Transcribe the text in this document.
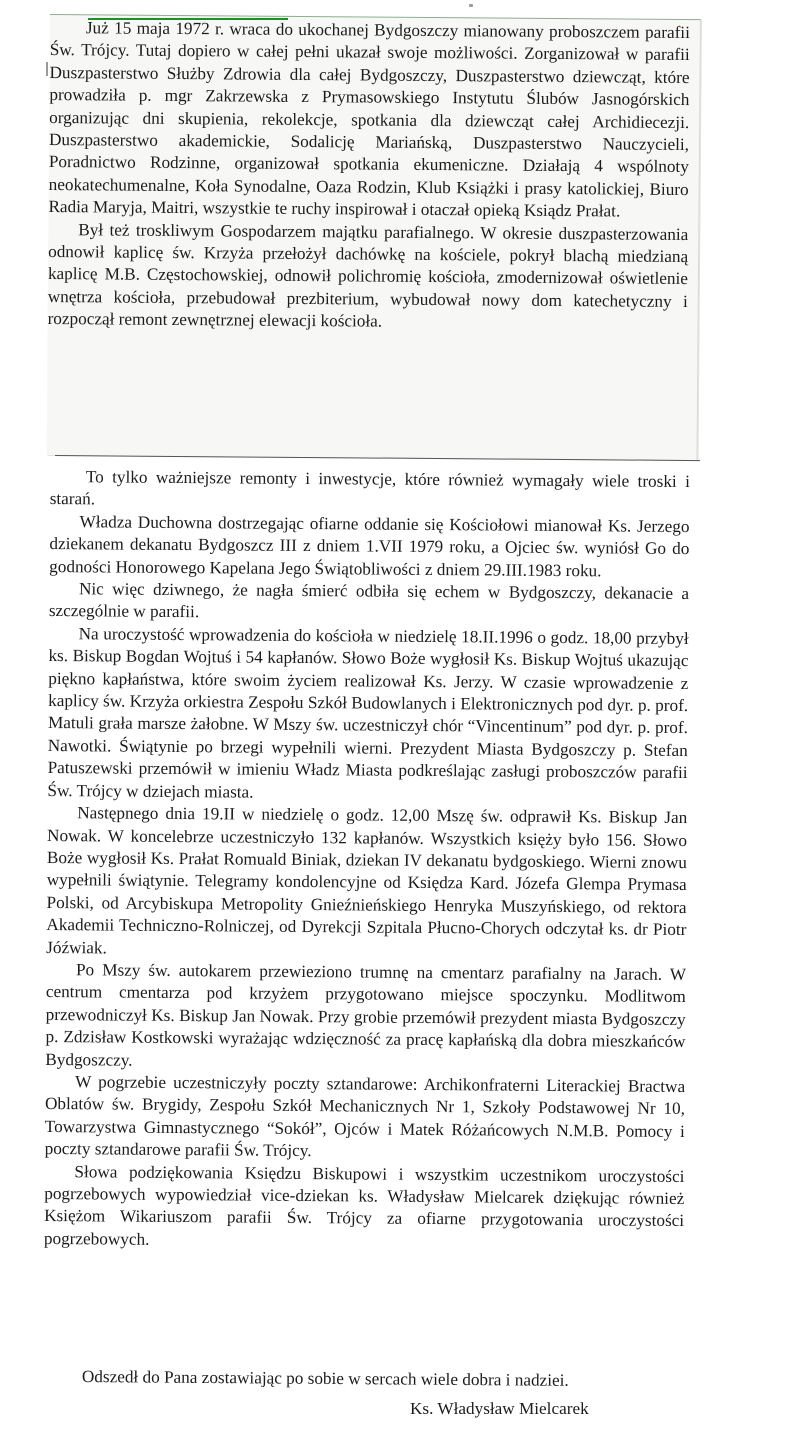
Już 15 maja 1972 r. wraca do ukochanej Bydgoszczy mianowany proboszczem parafii Św. Trójcy. Tutaj dopiero w całej pełni ukazał swoje możliwości. Zorganizował w parafii Duszpasterstwo Służby Zdrowia dla całej Bydgoszczy, Duszpasterstwo dziewcząt, które prowadziła p. mgr Zakrzewska z Prymasowskiego Instytutu Ślubów Jasnogórskich organizując dni skupienia, rekolekcje, spotkania dla dziewcząt całej Archidiecezji. Duszpasterstwo akademickie, Sodalicję Mariańską, Duszpasterstwo Nauczycieli, Poradnictwo Rodzinne, organizował spotkania ekumeniczne. Działają 4 wspólnoty neokatechumenalne, Koła Synodalne, Oaza Rodzin, Klub Książki i prasy katolickiej, Biuro Radia Maryja, Maitri, wszystkie te ruchy inspirował i otaczał opieką Ksiądz Prałat.

Był też troskliwym Gospodarzem majątku parafialnego. W okresie duszpasterzowania odnowił kaplicę św. Krzyża przełożył dachówkę na kościele, pokrył blachą miedzianą kaplicę M.B. Częstochowskiej, odnowił polichromię kościoła, zmodernizował oświetlenie wnętrza kościoła, przebudował prezbiterium, wybudował nowy dom katechetyczny i rozpoczął remont zewnętrznej elewacji kościoła.

To tylko ważniejsze remonty i inwestycje, które również wymagały wiele troski i starań.

Władza Duchowna dostrzegając ofiarne oddanie się Kościołowi mianował Ks. Jerzego dziekanem dekanatu Bydgoszcz III z dniem 1.VII 1979 roku, a Ojciec św. wyniósł Go do godności Honorowego Kapelana Jego Świątobliwości z dniem 29.III.1983 roku.

Nic więc dziwnego, że nagła śmierć odbiła się echem w Bydgoszczy, dekanacie a szczególnie w parafii.

Na uroczystość wprowadzenia do kościoła w niedzielę 18.II.1996 o godz. 18,00 przybył ks. Biskup Bogdan Wojtuś i 54 kapłanów. Słowo Boże wygłosił Ks. Biskup Wojtuś ukazując piękno kapłaństwa, które swoim życiem realizował Ks. Jerzy. W czasie wprowadzenie z kaplicy św. Krzyża orkiestra Zespołu Szkół Budowlanych i Elektronicznych pod dyr. p. prof. Matuli grała marsze żałobne. W Mszy św. uczestniczył chór “Vincentinum” pod dyr. p. prof. Nawotki. Świątynie po brzegi wypełnili wierni. Prezydent Miasta Bydgoszczy p. Stefan Patuszewski przemówił w imieniu Władz Miasta podkreślając zasługi proboszczów parafii Św. Trójcy w dziejach miasta.

Następnego dnia 19.II w niedzielę o godz. 12,00 Mszę św. odprawił Ks. Biskup Jan Nowak. W koncelebrze uczestniczyło 132 kapłanów. Wszystkich księży było 156. Słowo Boże wygłosił Ks. Prałat Romuald Biniak, dziekan IV dekanatu bydgoskiego. Wierni znowu wypełnili świątynie. Telegramy kondolencyjne od Księdza Kard. Józefa Glempa Prymasa Polski, od Arcybiskupa Metropolity Gnieźnieńskiego Henryka Muszyńskiego, od rektora Akademii Techniczno-Rolniczej, od Dyrekcji Szpitala Płucno-Chorych odczytał ks. dr Piotr Jóźwiak.

Po Mszy św. autokarem przewieziono trumnę na cmentarz parafialny na Jarach. W centrum cmentarza pod krzyżem przygotowano miejsce spoczynku. Modlitwom przewodniczył Ks. Biskup Jan Nowak. Przy grobie przemówił prezydent miasta Bydgoszczy p. Zdzisław Kostkowski wyrażając wdzięczność za pracę kapłańską dla dobra mieszkańców Bydgoszczy.

W pogrzebie uczestniczyły poczty sztandarowe: Archikonfraterni Literackiej Bractwa Oblatów św. Brygidy, Zespołu Szkół Mechanicznych Nr 1, Szkoły Podstawowej Nr 10, Towarzystwa Gimnastycznego “Sokół”, Ojców i Matek Różańcowych N.M.B. Pomocy i poczty sztandarowe parafii Św. Trójcy.

Słowa podziękowania Księdzu Biskupowi i wszystkim uczestnikom uroczystości pogrzebowych wypowiedział vice-dziekan ks. Władysław Mielcarek dziękując również Księżom Wikariuszom parafii Św. Trójcy za ofiarne przygotowania uroczystości pogrzebowych.

Odszedł do Pana zostawiając po sobie w sercach wiele dobra i nadziei.
Ks. Władysław Mielcarek
